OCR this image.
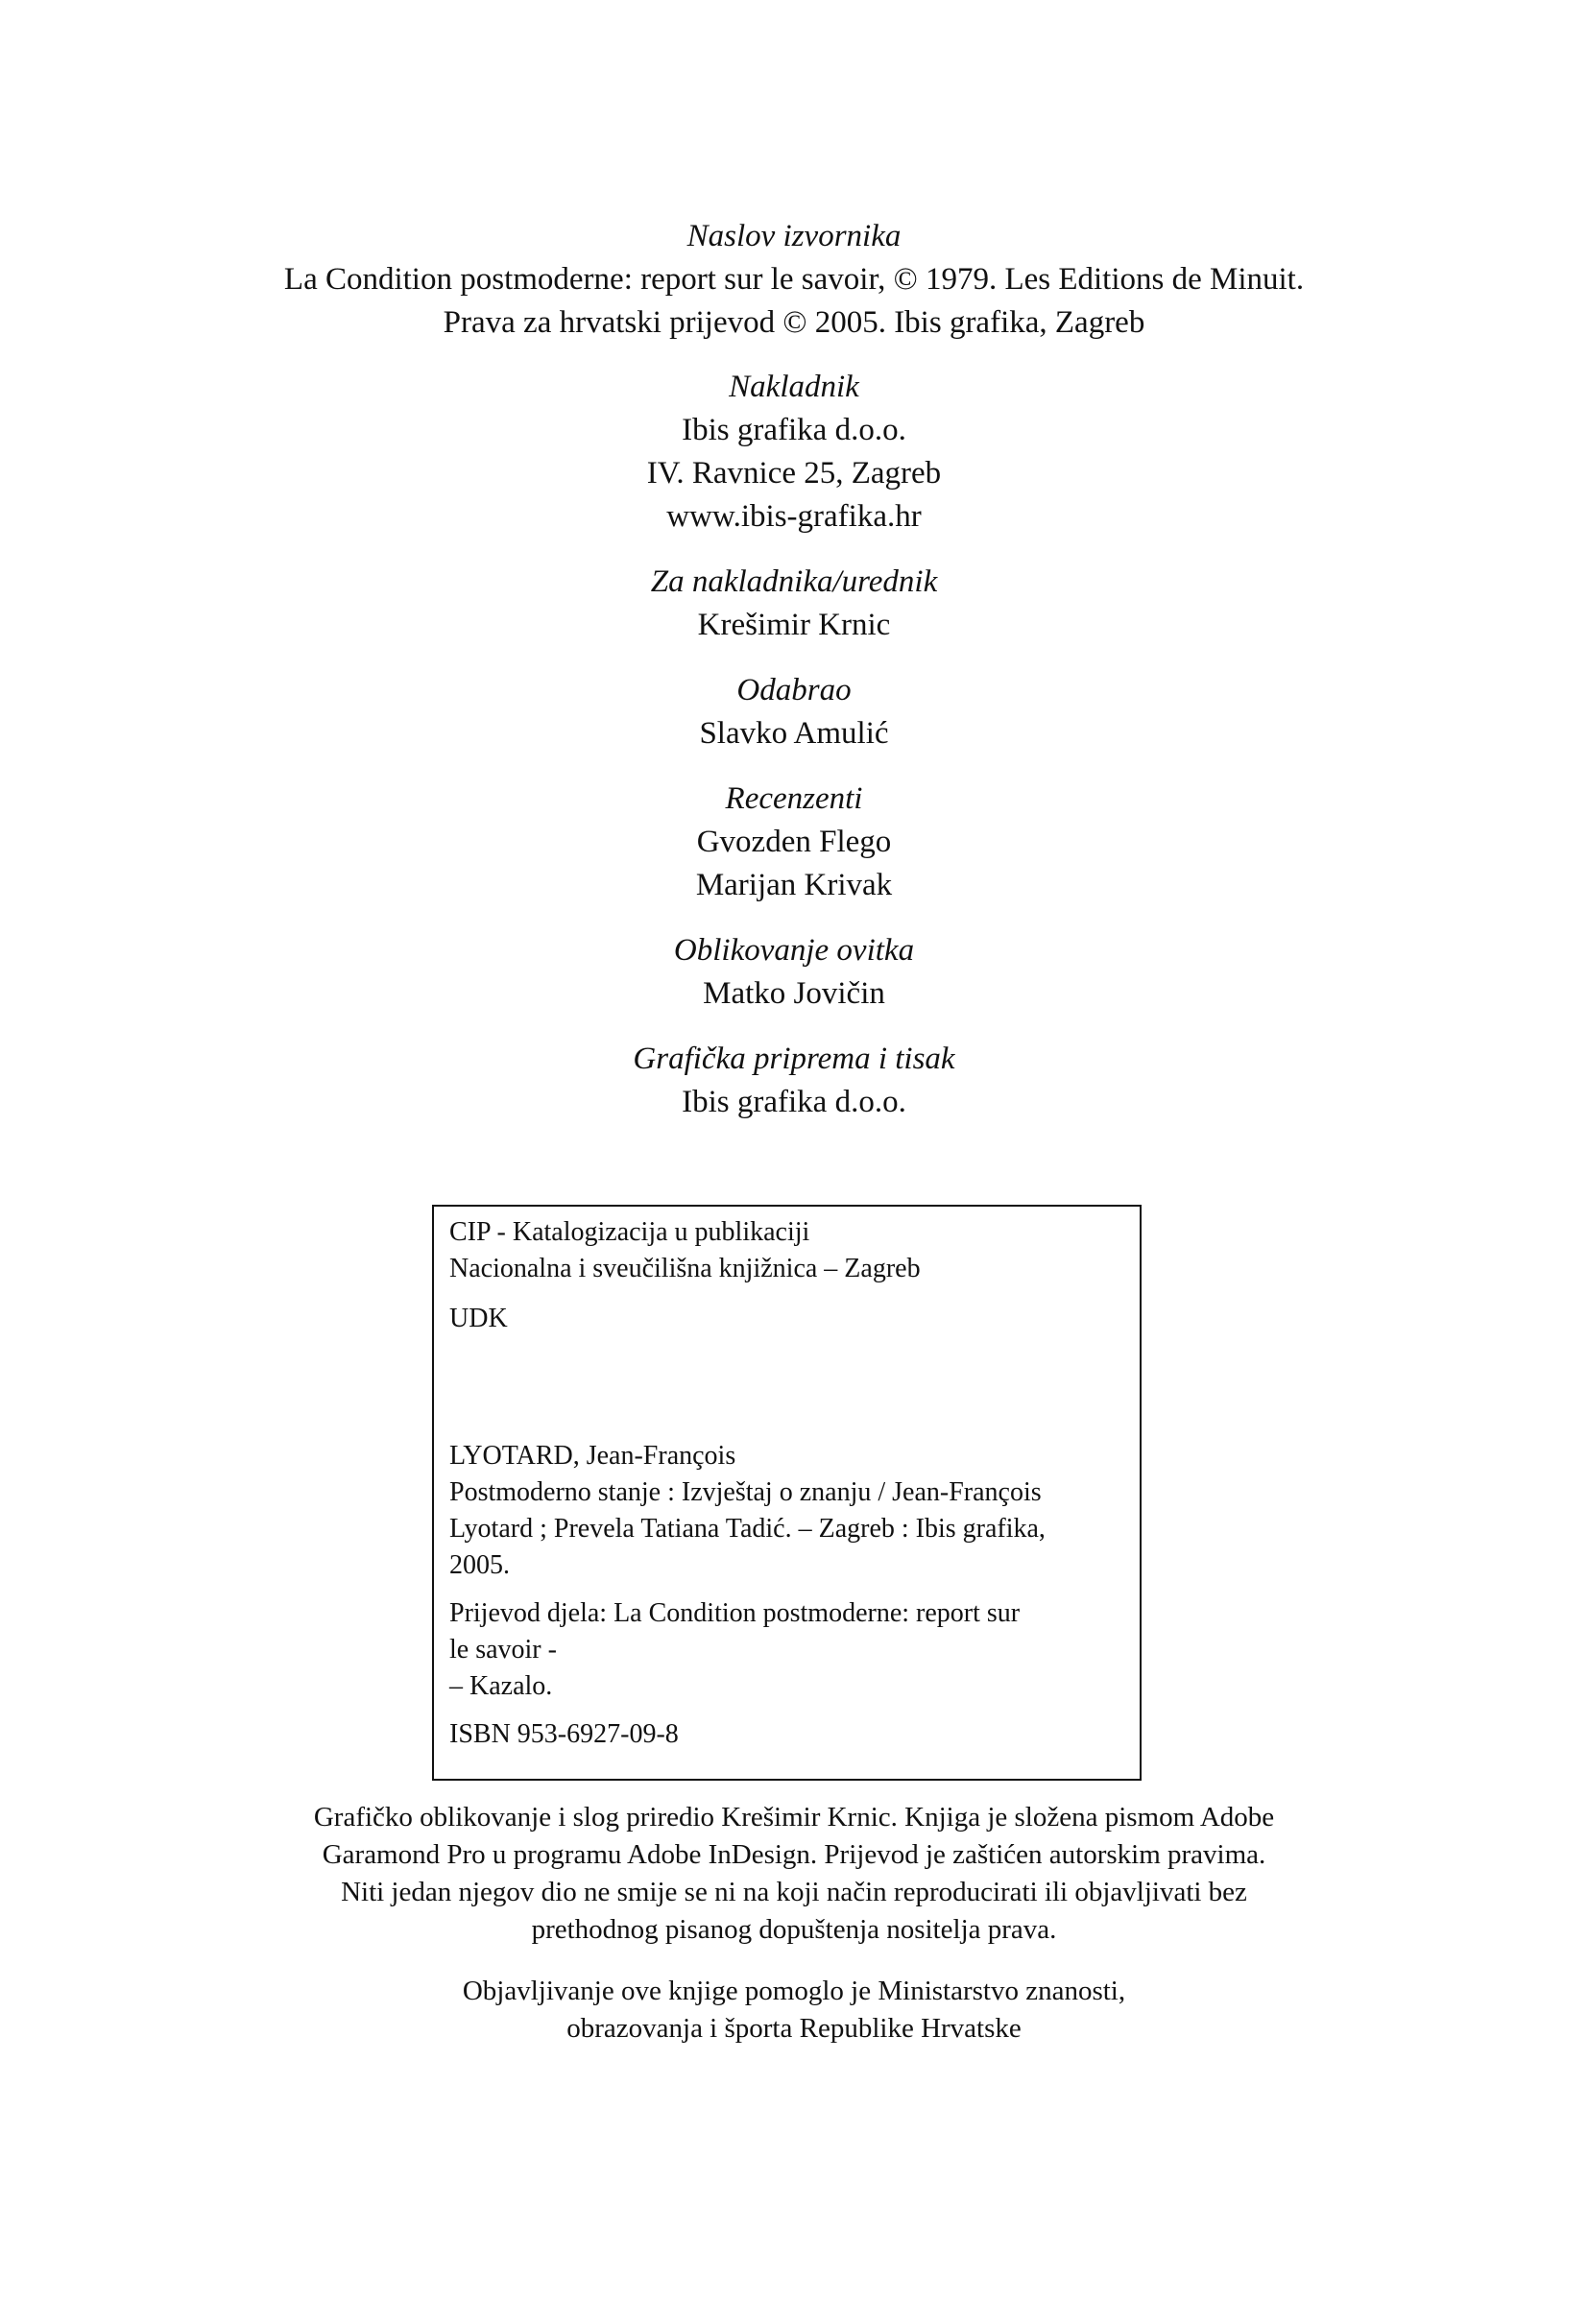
Naslov izvornika
La Condition postmoderne: report sur le savoir, © 1979. Les Editions de Minuit.
Prava za hrvatski prijevod © 2005. Ibis grafika, Zagreb
Nakladnik
Ibis grafika d.o.o.
IV. Ravnice 25, Zagreb
www.ibis-grafika.hr
Za nakladnika/urednik
Krešimir Krnic
Odabrao
Slavko Amulić
Recenzenti
Gvozden Flego
Marijan Krivak
Oblikovanje ovitka
Matko Jovičin
Grafička priprema i tisak
Ibis grafika d.o.o.
CIP - Katalogizacija u publikaciji
Nacionalna i sveučilišna knjižnica – Zagreb
UDK
LYOTARD, Jean-François
Postmoderno stanje : Izvještaj o znanju / Jean-François
Lyotard ; Prevela Tatiana Tadić. – Zagreb : Ibis grafika,
2005.
Prijevod djela: La Condition postmoderne: report sur
le savoir -
– Kazalo.
ISBN 953-6927-09-8
Grafičko oblikovanje i slog priredio Krešimir Krnic. Knjiga je složena pismom Adobe
Garamond Pro u programu Adobe InDesign. Prijevod je zaštićen autorskim pravima.
Niti jedan njegov dio ne smije se ni na koji način reproducirati ili objavljivati bez
prethodnog pisanog dopuštenja nositelja prava.
Objavljivanje ove knjige pomoglo je Ministarstvo znanosti,
obrazovanja i športa Republike Hrvatske
